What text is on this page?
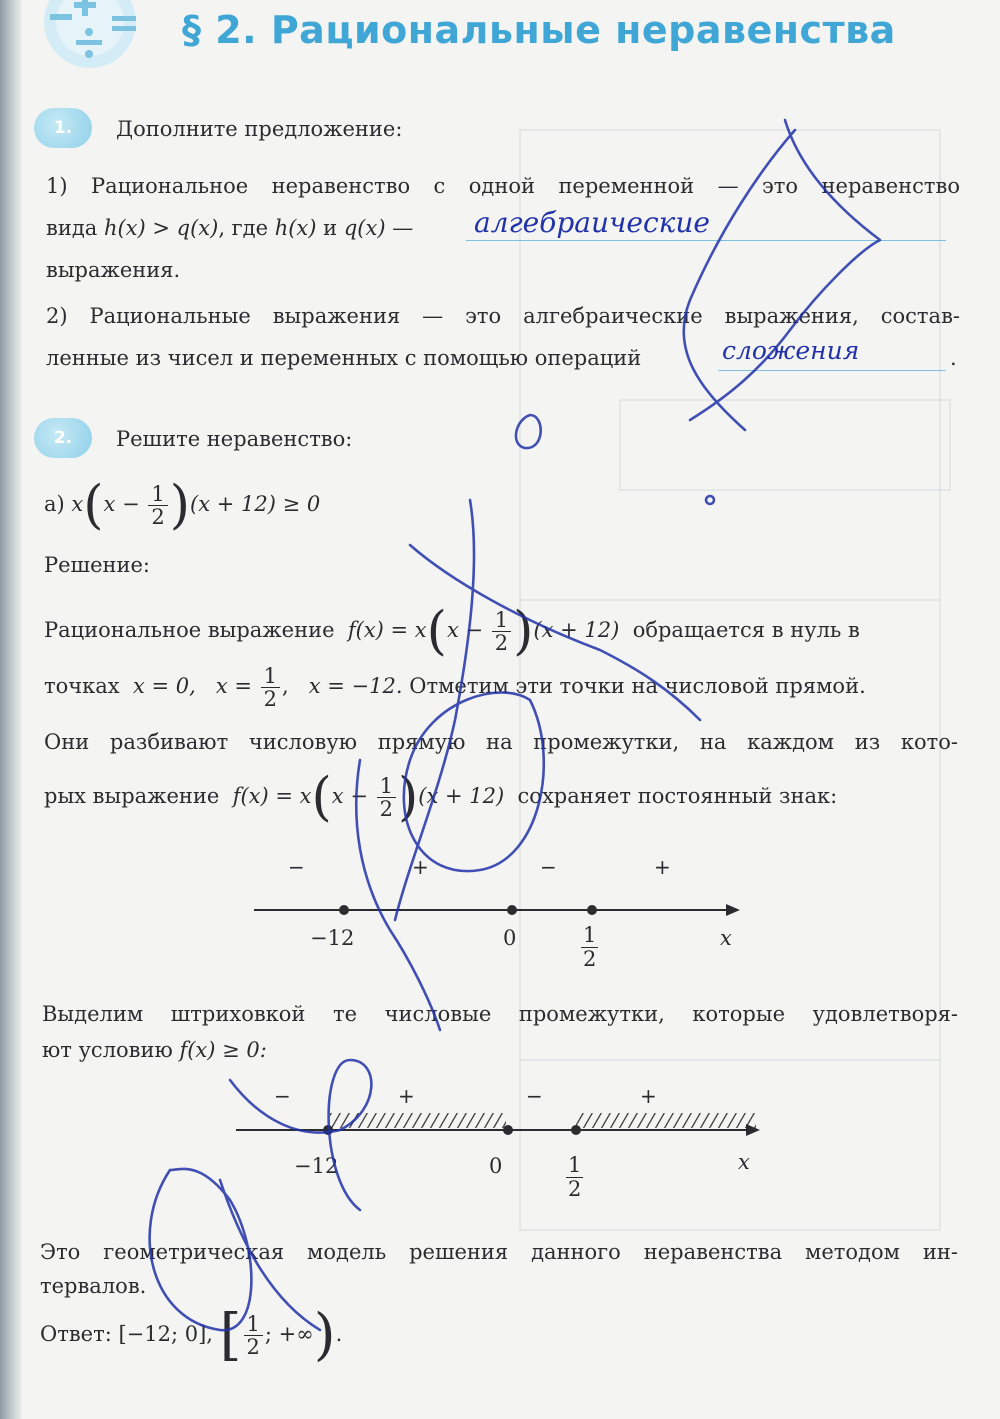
§ 2. Рациональные неравенства
1.	Дополните предложение:
1) Рациональное неравенство с одной переменной — это неравенство
вида h(x) > q(x), где h(x) и q(x) — алгебраические
выражения.
2) Рациональные выражения — это алгебраические выражения, состав-
ленные из чисел и переменных с помощью операций	сложения	.
2.	Решите неравенство:
а) $x(x - \frac{1}{2} )(x + 12) \ge 0$
Решение:
Рациональное выражение $f(x) = x(x - \frac{1}{2} )(x + 12)$ обращается в нуль в
точках x = 0, $x = \frac{1}{2}$ ,   x = −12. Отметим эти точки на числовой прямой.
Они разбивают числовую прямую на промежутки, на каждом из кото-
рых выражение $f(x) = x(x - \frac{1}{2} )(x + 12)$ сохраняет постоянный знак:
−	+	−	+
−12	0	$\frac{1}{2}$	x
Выделим штриховкой те числовые промежутки, которые удовлетворя-
ют условию f(x) ≥ 0:
−	+	−	+
−12	0	$\frac{1}{2}$	x
Это геометрическая модель решения данного неравенства методом ин-
тервалов.
Ответ: [−12; 0], [ $\frac{1}{2}$ ; +∞).
